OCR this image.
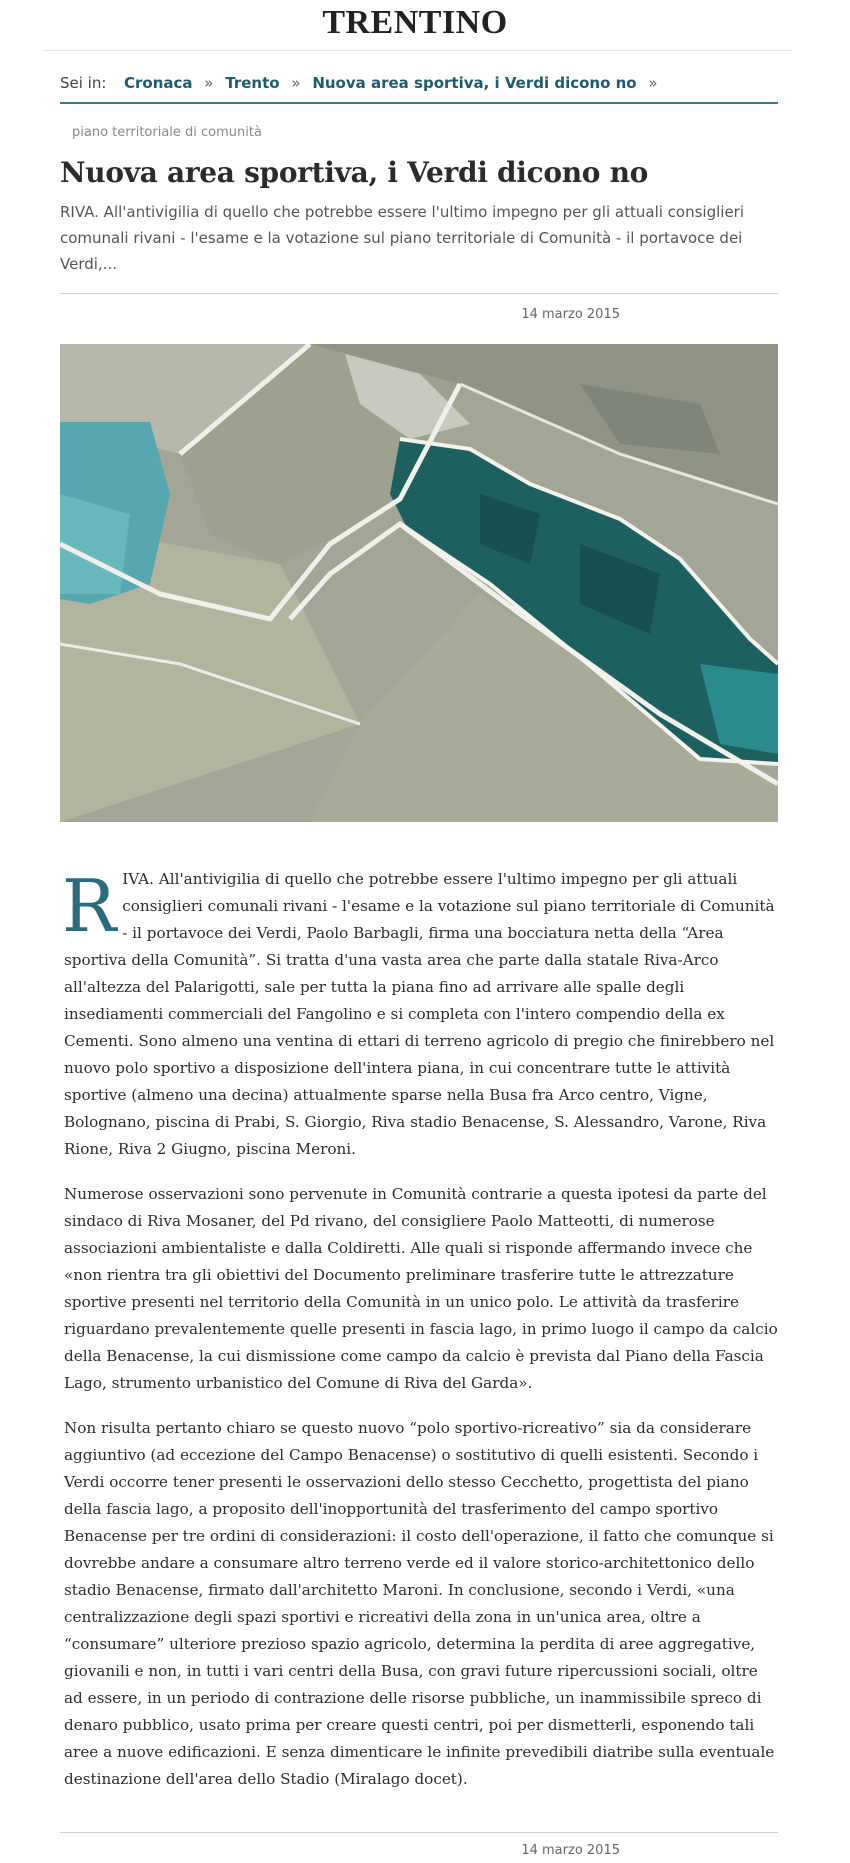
TRENTINO
Sei in: Cronaca » Trento » Nuova area sportiva, i Verdi dicono no »
piano territoriale di comunità
Nuova area sportiva, i Verdi dicono no

RIVA. All'antivigilia di quello che potrebbe essere l'ultimo impegno per gli attuali consiglieri comunali rivani - l'esame e la votazione sul piano territoriale di Comunità - il portavoce dei Verdi,...

14 marzo 2015

R IVA. All'antivigilia di quello che potrebbe essere l'ultimo impegno per gli attuali consiglieri comunali rivani - l'esame e la votazione sul piano territoriale di Comunità - il portavoce dei Verdi, Paolo Barbagli, firma una bocciatura netta della “Area sportiva della Comunità”. Si tratta d'una vasta area che parte dalla statale Riva-Arco all'altezza del Palarigotti, sale per tutta la piana fino ad arrivare alle spalle degli insediamenti commerciali del Fangolino e si completa con l'intero compendio della ex Cementi. Sono almeno una ventina di ettari di terreno agricolo di pregio che finirebbero nel nuovo polo sportivo a disposizione dell'intera piana, in cui concentrare tutte le attività sportive (almeno una decina) attualmente sparse nella Busa fra Arco centro, Vigne, Bolognano, piscina di Prabi, S. Giorgio, Riva stadio Benacense, S. Alessandro, Varone, Riva Rione, Riva 2 Giugno, piscina Meroni.

Numerose osservazioni sono pervenute in Comunità contrarie a questa ipotesi da parte del sindaco di Riva Mosaner, del Pd rivano, del consigliere Paolo Matteotti, di numerose associazioni ambientaliste e dalla Coldiretti. Alle quali si risponde affermando invece che «non rientra tra gli obiettivi del Documento preliminare trasferire tutte le attrezzature sportive presenti nel territorio della Comunità in un unico polo. Le attività da trasferire riguardano prevalentemente quelle presenti in fascia lago, in primo luogo il campo da calcio della Benacense, la cui dismissione come campo da calcio è prevista dal Piano della Fascia Lago, strumento urbanistico del Comune di Riva del Garda».

Non risulta pertanto chiaro se questo nuovo “polo sportivo-ricreativo” sia da considerare aggiuntivo (ad eccezione del Campo Benacense) o sostitutivo di quelli esistenti. Secondo i Verdi occorre tener presenti le osservazioni dello stesso Cecchetto, progettista del piano della fascia lago, a proposito dell'inopportunità del trasferimento del campo sportivo Benacense per tre ordini di considerazioni: il costo dell'operazione, il fatto che comunque si dovrebbe andare a consumare altro terreno verde ed il valore storico-architettonico dello stadio Benacense, firmato dall'architetto Maroni. In conclusione, secondo i Verdi, «una centralizzazione degli spazi sportivi e ricreativi della zona in un'unica area, oltre a “consumare” ulteriore prezioso spazio agricolo, determina la perdita di aree aggregative, giovanili e non, in tutti i vari centri della Busa, con gravi future ripercussioni sociali, oltre ad essere, in un periodo di contrazione delle risorse pubbliche, un inammissibile spreco di denaro pubblico, usato prima per creare questi centri, poi per dismetterli, esponendo tali aree a nuove edificazioni. E senza dimenticare le infinite prevedibili diatribe sulla eventuale destinazione dell'area dello Stadio (Miralago docet).

14 marzo 2015
